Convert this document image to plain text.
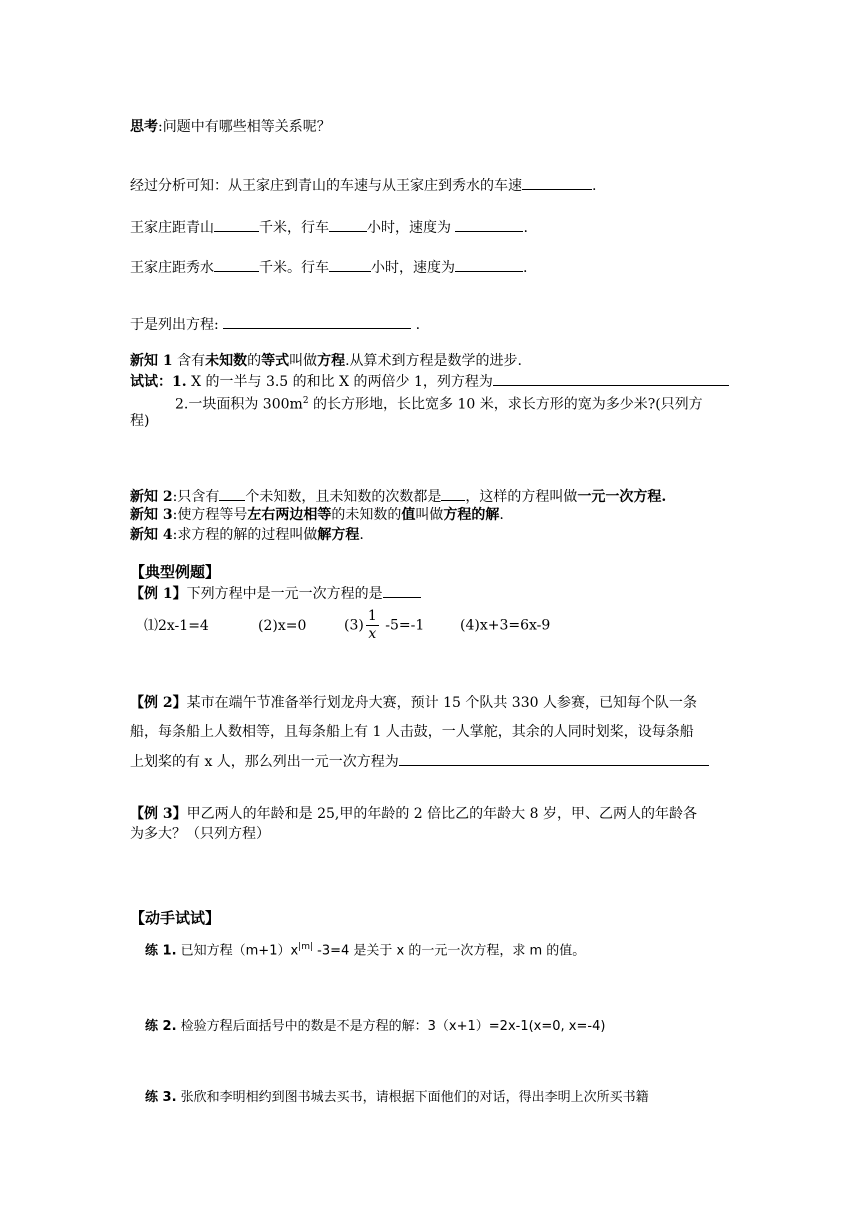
思考:问题中有哪些相等关系呢？
经过分析可知：从王家庄到青山的车速与从王家庄到秀水的车速	.
王家庄距青山	千米，行车	小时，速度为	.
王家庄距秀水	千米。行车	小时，速度为	.
于是列出方程:	.
新知 1 含有未知数的等式叫做方程.从算术到方程是数学的进步.
试试：1. X 的一半与 3.5 的和比 X 的两倍少 1，列方程为
2.一块面积为 $300m^2$ 的长方形地，长比宽多 10 米，求长方形的宽为多少米?(只列方
程)
新知 2:只含有 个未知数，且未知数的次数都是 ，这样的方程叫做一元一次方程.
新知 3:使方程等号左右两边相等的未知数的值叫做方程的解.
新知 4:求方程的解的过程叫做解方程.
【典型例题】
【例 1】下列方程中是一元一次方程的是
⑴2x-1=4	(2)x=0	$(3) \frac{1}{x} -5=-1$	(4)x+3=6x-9
【例 2】某市在端午节准备举行划龙舟大赛，预计 15 个队共 330 人参赛，已知每个队一条
船，每条船上人数相等，且每条船上有 1 人击鼓，一人掌舵，其余的人同时划桨，设每条船
上划桨的有 x 人，那么列出一元一次方程为
【例 3】甲乙两人的年龄和是 25,甲的年龄的 2 倍比乙的年龄大 8 岁，甲、乙两人的年龄各
为多大？（只列方程）
【动手试试】
练 1. 已知方程$(m+1)x^{|m|}$ -3=4 是关于 x 的一元一次方程，求 m 的值。
练 2. 检验方程后面括号中的数是不是方程的解：3（x+1）=2x-1(x=0, x=-4)
练 3. 张欣和李明相约到图书城去买书，请根据下面他们的对话，得出李明上次所买书籍
